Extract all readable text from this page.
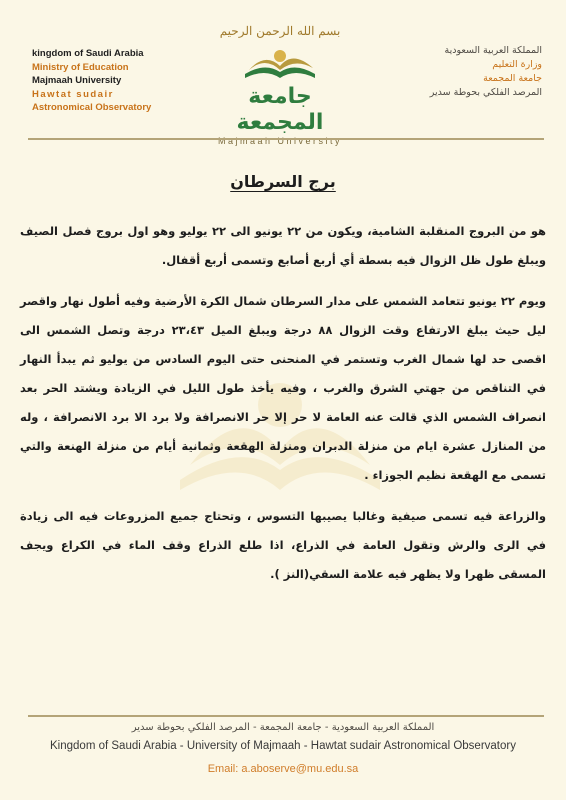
kingdom of Saudi Arabia
Ministry of Education
Majmaah University
Hawtat sudair
Astronomical Observatory
بسم الله الرحمن الرحيم
جامعة المجمعة
Majmaah University
المملكة العربية السعودية
وزارة التعليم
جامعة المجمعة
المرصد الفلكي بحوطة سدير
برج السرطان

هو من البروج المنقلبة الشامية، ويكون من ٢٢ يونيو الى ٢٢ يوليو وهو اول بروج فصل الصيف ويبلغ طول ظل الزوال فيه بسطة أي أربع أصابع وتسمى أربع أقفال.

ويوم ٢٢ يونيو تتعامد الشمس على مدار السرطان شمال الكرة الأرضية وفيه أطول نهار واقصر ليل حيث يبلغ الارتفاع وقت الزوال ٨٨ درجة ويبلغ الميل ٢٣،٤٣ درجة وتصل الشمس الى اقصى حد لها شمال الغرب وتستمر في المنحنى حتى اليوم السادس من يوليو ثم يبدأ النهار في التناقص من جهتي الشرق والغرب ، وفيه يأخذ طول الليل في الزيادة ويشتد الحر بعد انصراف الشمس الذي قالت عنه العامة لا حر إلا حر الانصرافة ولا برد الا برد الانصرافة ، وله من المنازل عشرة ايام من منزلة الدبران ومنزلة الهقعة وثمانية أيام من منزلة الهنعة والتي تسمى مع الهقعة نظيم الجوزاء .

والزراعة فيه تسمى صيفية وغالبا يصيبها التسوس ، وتحتاج جميع المزروعات فيه الى زيادة في الرى والرش وتقول العامة في الذراع، اذا طلع الذراع وقف الماء في الكراع ويجف المسقى ظهرا ولا يظهر فيه علامة السقي(النز ).

المملكة العربية السعودية - جامعة المجمعة - المرصد الفلكي بحوطة سدير
Kingdom of Saudi Arabia - University of Majmaah - Hawtat sudair Astronomical Observatory
Email: a.aboserve@mu.edu.sa
